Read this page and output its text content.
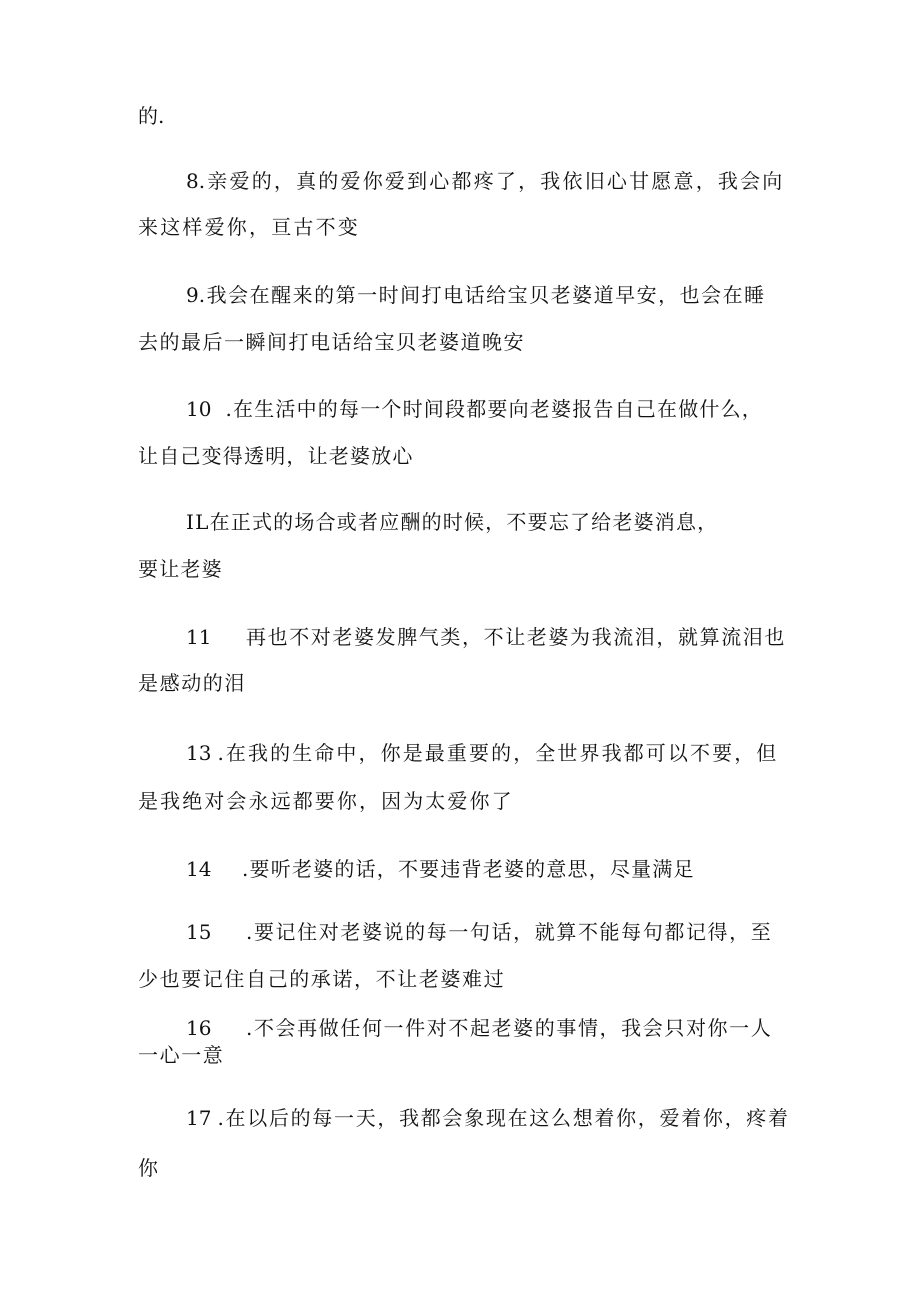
的.
8.亲爱的，真的爱你爱到心都疼了，我依旧心甘愿意，我会向
来这样爱你，亘古不变
9.我会在醒来的第一时间打电话给宝贝老婆道早安，也会在睡
去的最后一瞬间打电话给宝贝老婆道晚安
10 .在生活中的每一个时间段都要向老婆报告自己在做什么，
让自己变得透明，让老婆放心
IL在正式的场合或者应酬的时候，不要忘了给老婆消息，
要让老婆
11 再也不对老婆发脾气类，不让老婆为我流泪，就算流泪也
是感动的泪
13 .在我的生命中，你是最重要的，全世界我都可以不要，但
是我绝对会永远都要你，因为太爱你了
14 .要听老婆的话，不要违背老婆的意思，尽量满足
15 .要记住对老婆说的每一句话，就算不能每句都记得，至
少也要记住自己的承诺，不让老婆难过
16 .不会再做任何一件对不起老婆的事情，我会只对你一人
一心一意
17 .在以后的每一天，我都会象现在这么想着你，爱着你，疼着
你
